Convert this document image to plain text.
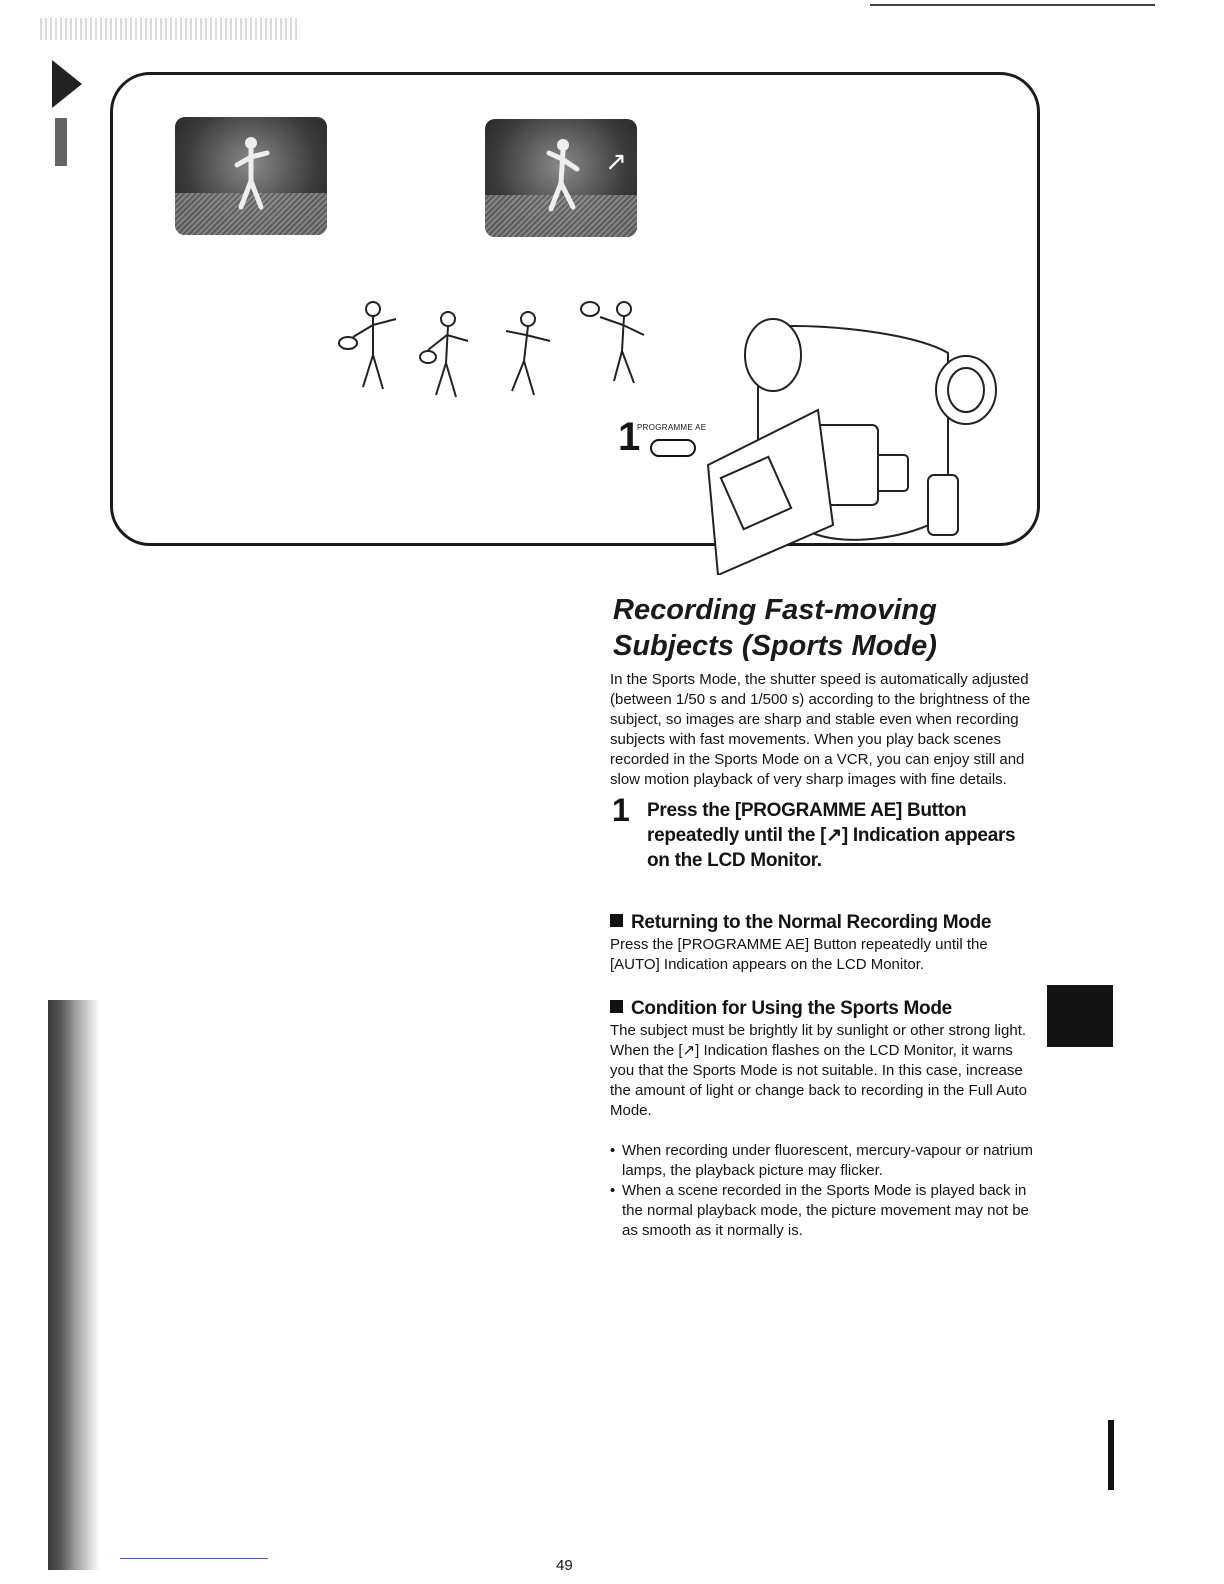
↗
1
PROGRAMME AE
Recording Fast-moving
Subjects (Sports Mode)

In the Sports Mode, the shutter speed is automatically adjusted (between 1/50 s and 1/500 s) according to the brightness of the subject, so images are sharp and stable even when recording subjects with fast movements. When you play back scenes recorded in the Sports Mode on a VCR, you can enjoy still and slow motion playback of very sharp images with fine details.

1 Press the [PROGRAMME AE] Button repeatedly until the [↗] Indication appears on the LCD Monitor.
Returning to the Normal Recording Mode

Press the [PROGRAMME AE] Button repeatedly until the [AUTO] Indication appears on the LCD Monitor.

Condition for Using the Sports Mode

The subject must be brightly lit by sunlight or other strong light. When the [↗] Indication flashes on the LCD Monitor, it warns you that the Sports Mode is not suitable. In this case, increase the amount of light or change back to recording in the Full Auto Mode.

• When recording under fluorescent, mercury-vapour or natrium lamps, the playback picture may flicker.
• When a scene recorded in the Sports Mode is played back in the normal playback mode, the picture movement may not be as smooth as it normally is.
49
